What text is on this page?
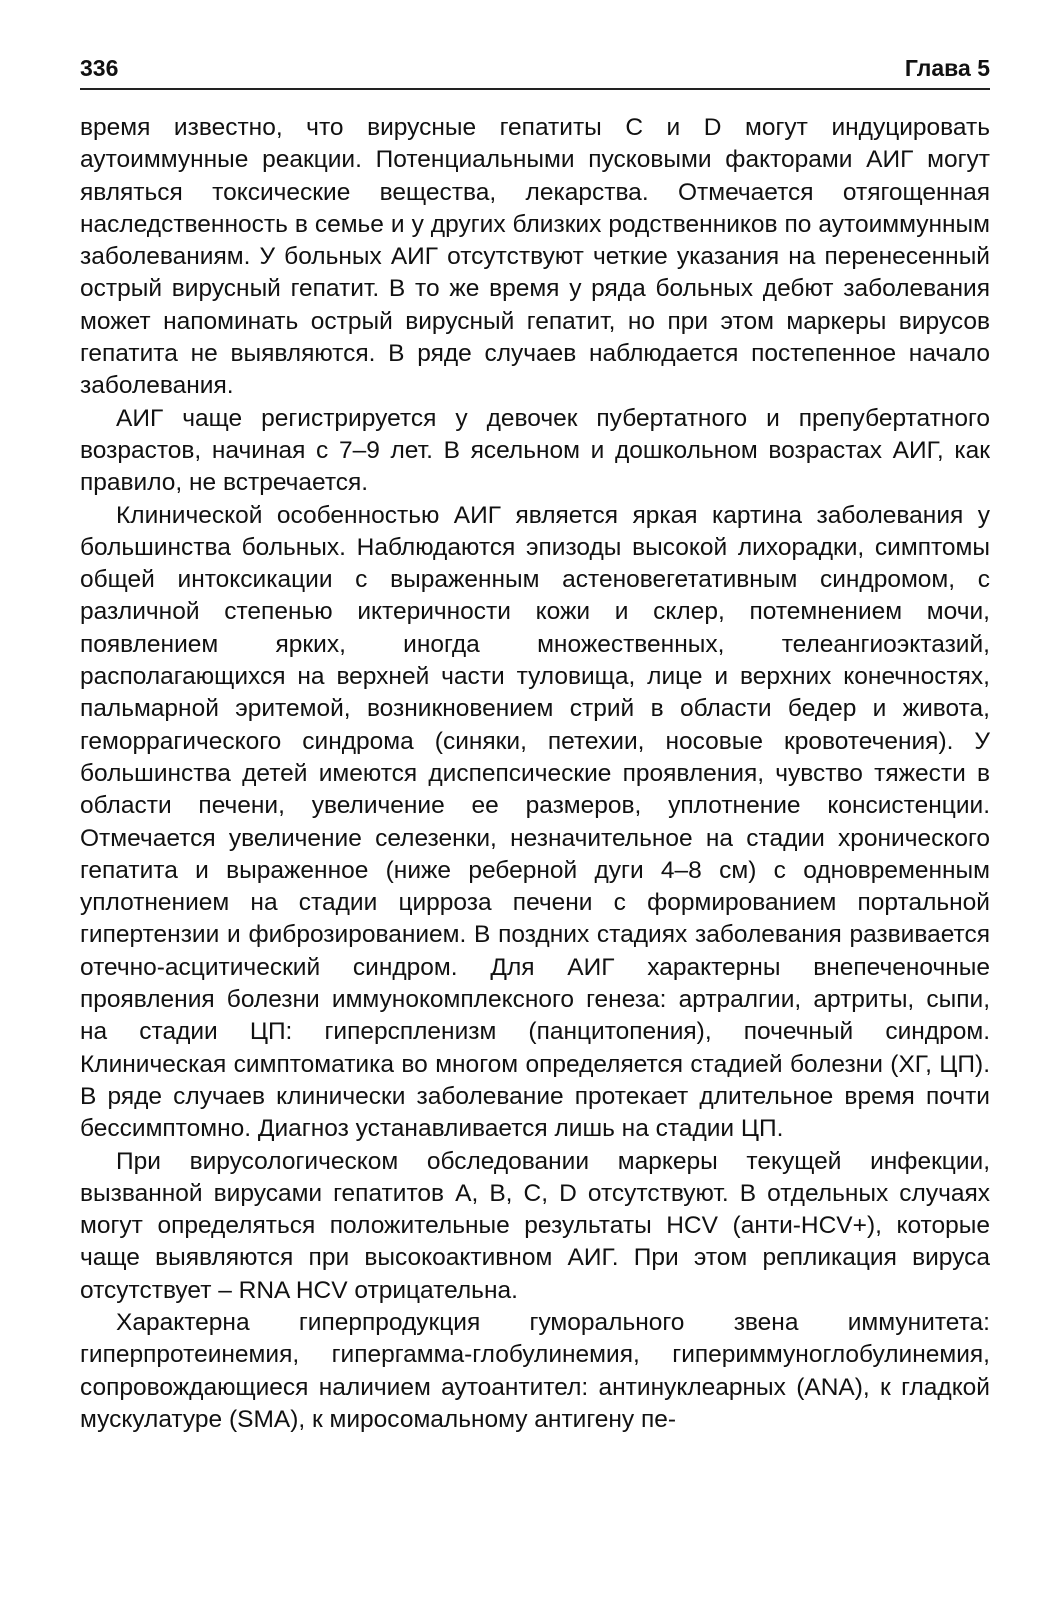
336	Глава 5

время известно, что вирусные гепатиты C и D могут индуцировать аутоиммунные реакции. Потенциальными пусковыми факторами АИГ могут являться токсические вещества, лекарства. Отмечается отягощенная наследственность в семье и у других близких родственников по аутоиммунным заболеваниям. У больных АИГ отсутствуют четкие указания на перенесенный острый вирусный гепатит. В то же время у ряда больных дебют заболевания может напоминать острый вирусный гепатит, но при этом маркеры вирусов гепатита не выявляются. В ряде случаев наблюдается постепенное начало заболевания.

АИГ чаще регистрируется у девочек пубертатного и препубертатного возрастов, начиная с 7–9 лет. В ясельном и дошкольном возрастах АИГ, как правило, не встречается.

Клинической особенностью АИГ является яркая картина заболевания у большинства больных. Наблюдаются эпизоды высокой лихорадки, симптомы общей интоксикации с выраженным астеновегетативным синдромом, с различной степенью иктеричности кожи и склер, потемнением мочи, появлением ярких, иногда множественных, телеангиоэктазий, располагающихся на верхней части туловища, лице и верхних конечностях, пальмарной эритемой, возникновением стрий в области бедер и живота, геморрагического синдрома (синяки, петехии, носовые кровотечения). У большинства детей имеются диспепсические проявления, чувство тяжести в области печени, увеличение ее размеров, уплотнение консистенции. Отмечается увеличение селезенки, незначительное на стадии хронического гепатита и выраженное (ниже реберной дуги 4–8 см) с одновременным уплотнением на стадии цирроза печени с формированием портальной гипертензии и фиброзированием. В поздних стадиях заболевания развивается отечно-асцитический синдром. Для АИГ характерны внепеченочные проявления болезни иммунокомплексного генеза: артралгии, артриты, сыпи, на стадии ЦП: гиперспленизм (панцитопения), почечный синдром. Клиническая симптоматика во многом определяется стадией болезни (ХГ, ЦП). В ряде случаев клинически заболевание протекает длительное время почти бессимптомно. Диагноз устанавливается лишь на стадии ЦП.

При вирусологическом обследовании маркеры текущей инфекции, вызванной вирусами гепатитов A, B, C, D отсутствуют. В отдельных случаях могут определяться положительные результаты HCV (анти-HCV+), которые чаще выявляются при высокоактивном АИГ. При этом репликация вируса отсутствует – RNA HCV отрицательна.

Характерна гиперпродукция гуморального звена иммунитета: гиперпротеинемия, гипергамма-глобулинемия, гипериммуноглобулинемия, сопровождающиеся наличием аутоантител: антинуклеарных (ANA), к гладкой мускулатуре (SMA), к миросомальному антигену пе-
